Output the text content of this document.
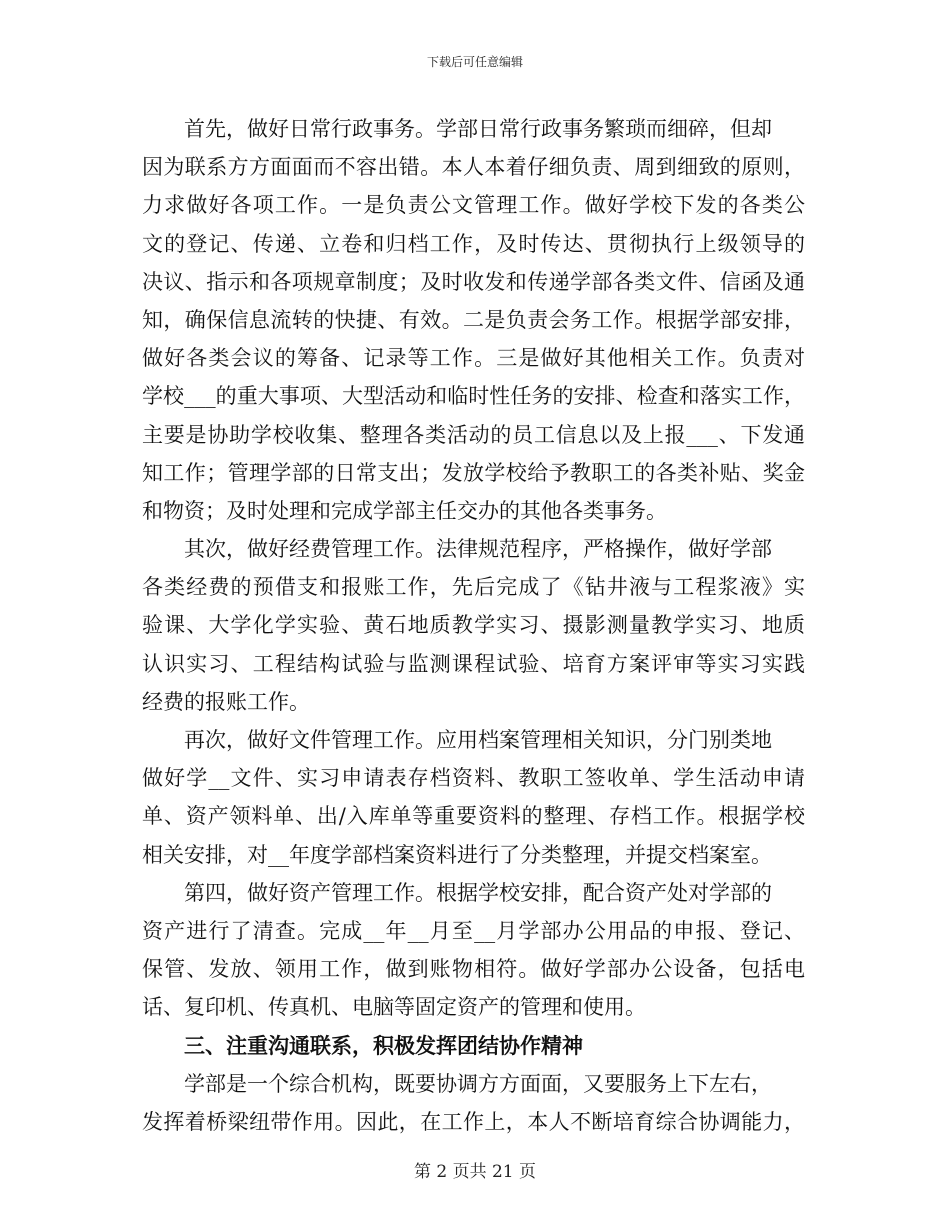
下载后可任意编辑
首先，做好日常行政事务。学部日常行政事务繁琐而细碎，但却
因为联系方方面面而不容出错。本人本着仔细负责、周到细致的原则，
力求做好各项工作。一是负责公文管理工作。做好学校下发的各类公
文的登记、传递、立卷和归档工作，及时传达、贯彻执行上级领导的
决议、指示和各项规章制度；及时收发和传递学部各类文件、信函及通
知，确保信息流转的快捷、有效。二是负责会务工作。根据学部安排，
做好各类会议的筹备、记录等工作。三是做好其他相关工作。负责对
学校___的重大事项、大型活动和临时性任务的安排、检查和落实工作，
主要是协助学校收集、整理各类活动的员工信息以及上报___、下发通
知工作；管理学部的日常支出；发放学校给予教职工的各类补贴、奖金
和物资；及时处理和完成学部主任交办的其他各类事务。
其次，做好经费管理工作。法律规范程序，严格操作，做好学部
各类经费的预借支和报账工作，先后完成了《钻井液与工程浆液》实
验课、大学化学实验、黄石地质教学实习、摄影测量教学实习、地质
认识实习、工程结构试验与监测课程试验、培育方案评审等实习实践
经费的报账工作。
再次，做好文件管理工作。应用档案管理相关知识，分门别类地
做好学__文件、实习申请表存档资料、教职工签收单、学生活动申请
单、资产领料单、出/入库单等重要资料的整理、存档工作。根据学校
相关安排，对__年度学部档案资料进行了分类整理，并提交档案室。
第四，做好资产管理工作。根据学校安排，配合资产处对学部的
资产进行了清查。完成__年__月至__月学部办公用品的申报、登记、
保管、发放、领用工作，做到账物相符。做好学部办公设备，包括电
话、复印机、传真机、电脑等固定资产的管理和使用。
三、注重沟通联系，积极发挥团结协作精神
学部是一个综合机构，既要协调方方面面，又要服务上下左右，
发挥着桥梁纽带作用。因此，在工作上，本人不断培育综合协调能力，
第 2 页共 21 页
